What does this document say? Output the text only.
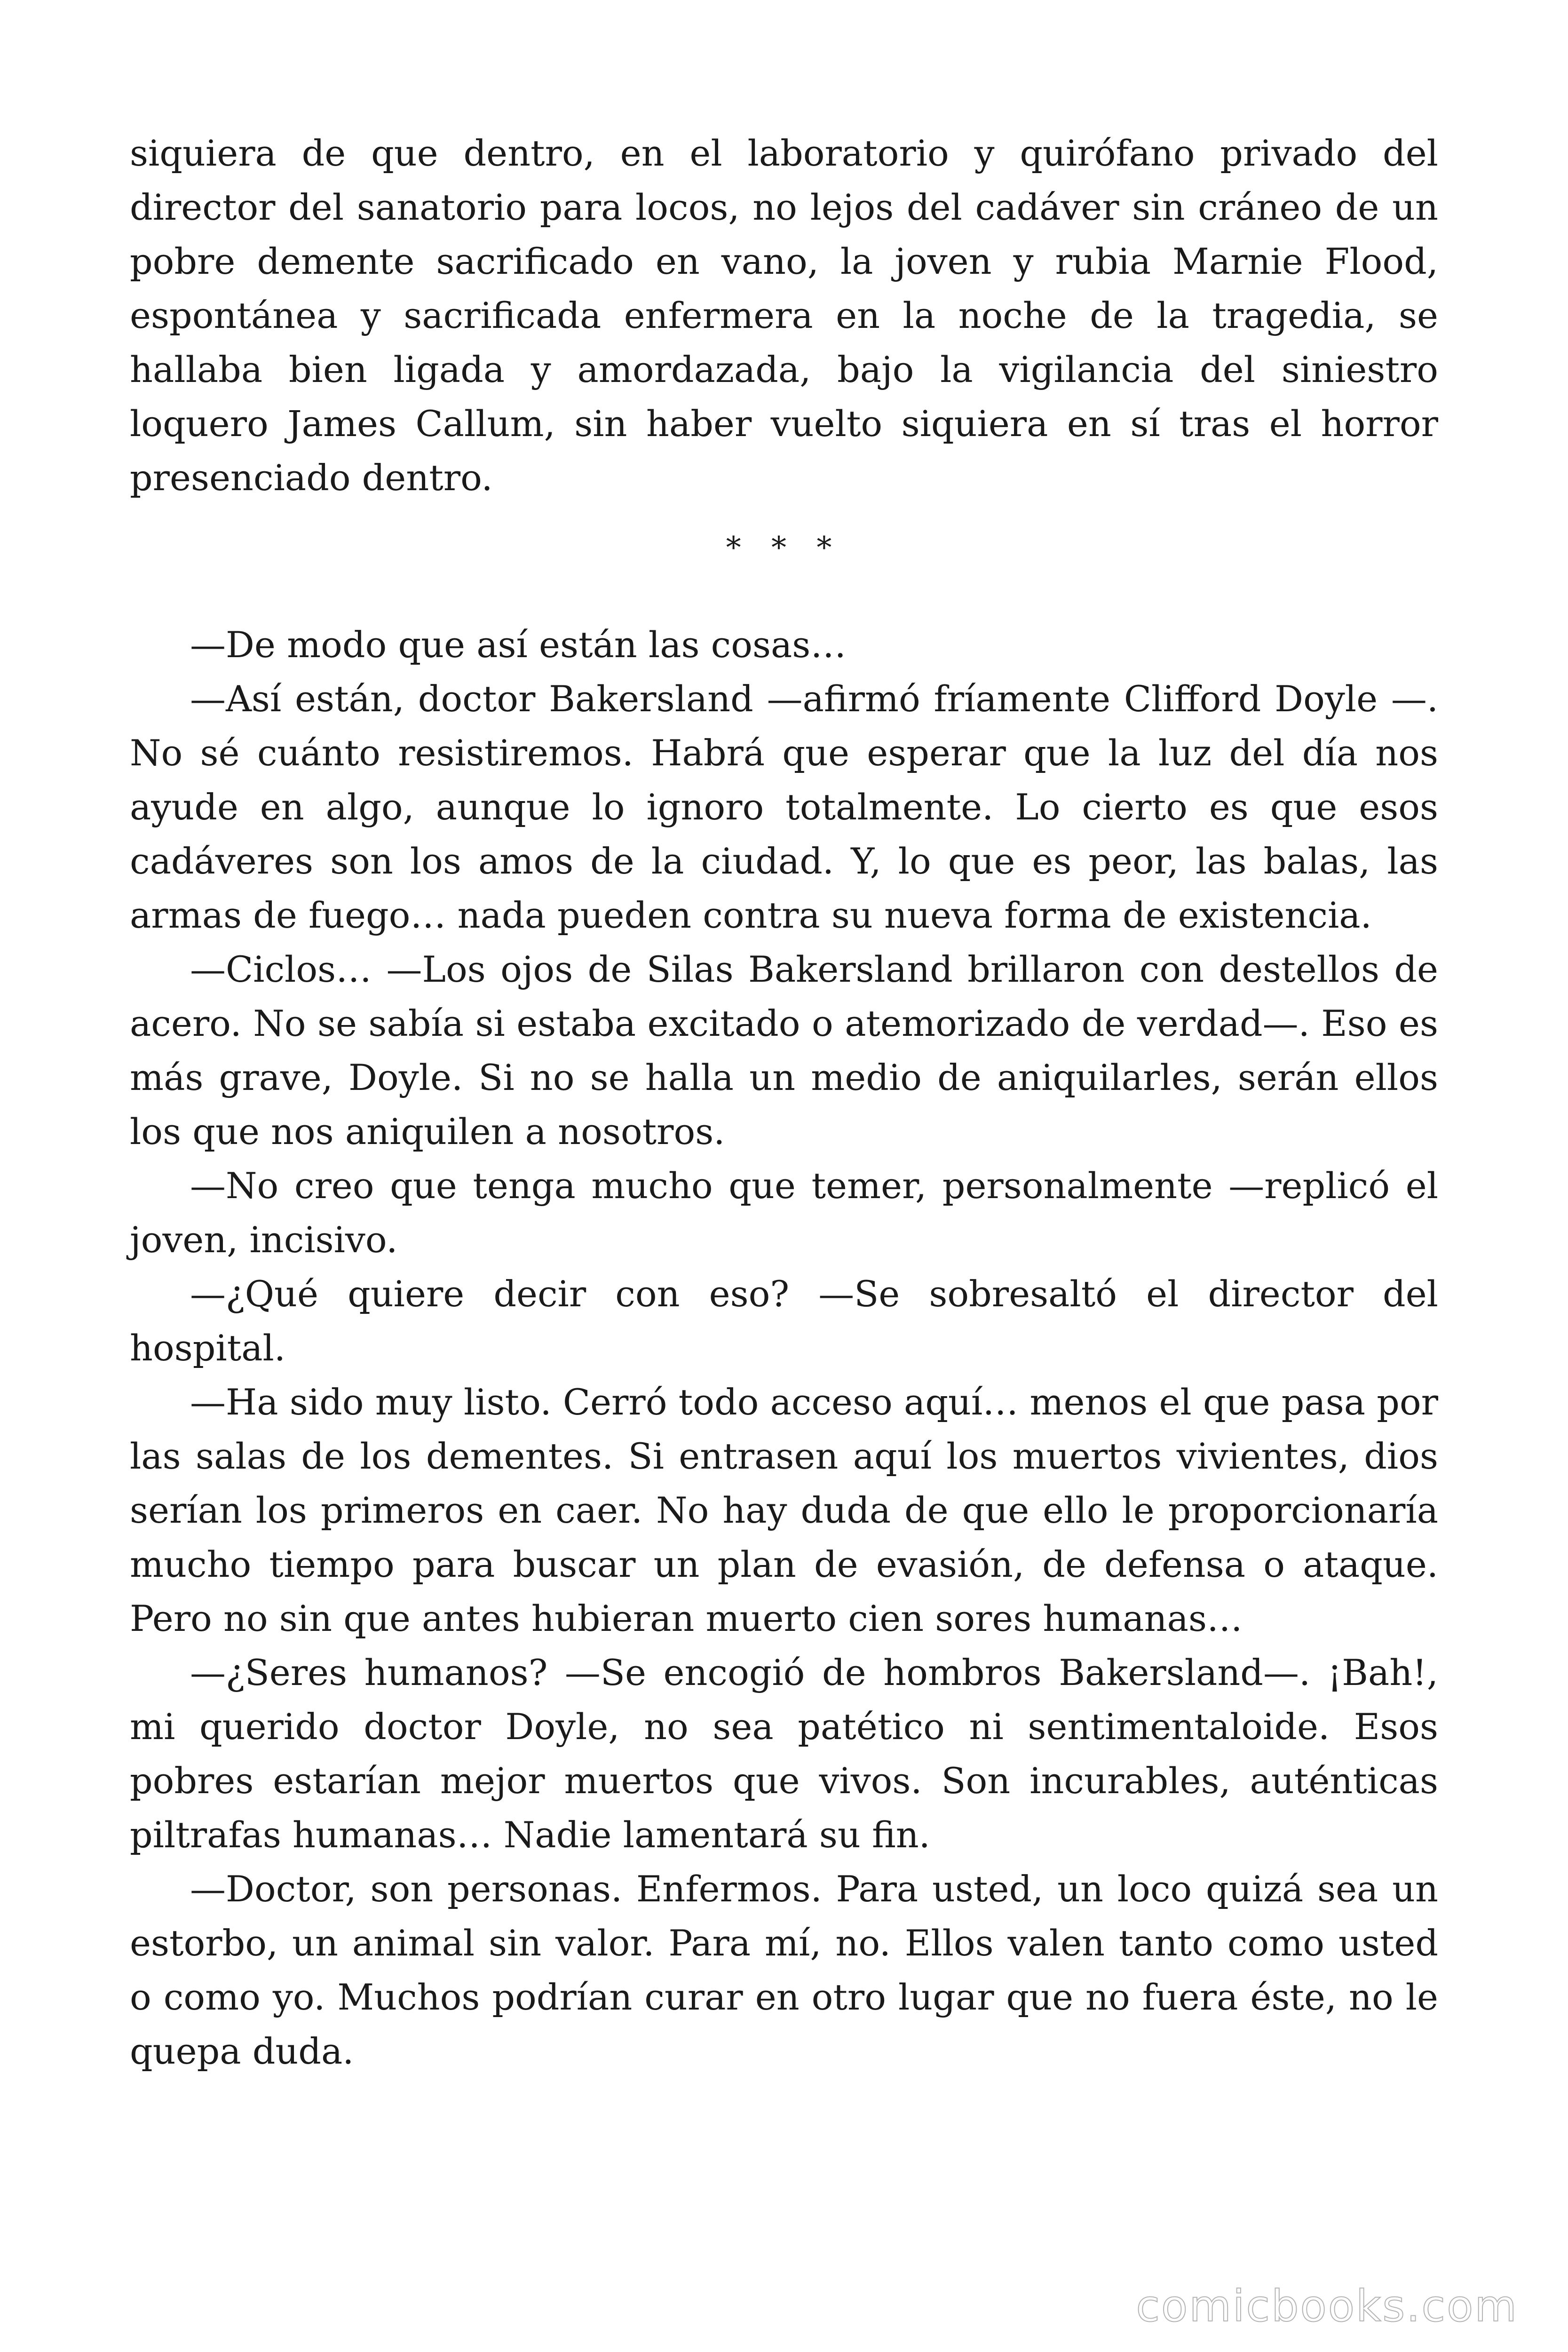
siquiera de que dentro, en el laboratorio y quirófano privado del director del sanatorio para locos, no lejos del cadáver sin cráneo de un pobre demente sacrificado en vano, la joven y rubia Marnie Flood, espontánea y sacrificada enfermera en la noche de la tragedia, se hallaba bien ligada y amordazada, bajo la vigilancia del siniestro loquero James Callum, sin haber vuelto siquiera en sí tras el horror presenciado dentro.

* * *

—De modo que así están las cosas…

—Así están, doctor Bakersland —afirmó fríamente Clifford Doyle —. No sé cuánto resistiremos. Habrá que esperar que la luz del día nos ayude en algo, aunque lo ignoro totalmente. Lo cierto es que esos cadáveres son los amos de la ciudad. Y, lo que es peor, las balas, las armas de fuego… nada pueden contra su nueva forma de existencia.

—Ciclos… —Los ojos de Silas Bakersland brillaron con destellos de acero. No se sabía si estaba excitado o atemorizado de verdad—. Eso es más grave, Doyle. Si no se halla un medio de aniquilarles, serán ellos los que nos aniquilen a nosotros.

—No creo que tenga mucho que temer, personalmente —replicó el joven, incisivo.

—¿Qué quiere decir con eso? —Se sobresaltó el director del hospital.

—Ha sido muy listo. Cerró todo acceso aquí… menos el que pasa por las salas de los dementes. Si entrasen aquí los muertos vivientes, dios serían los primeros en caer. No hay duda de que ello le proporcionaría mucho tiempo para buscar un plan de evasión, de defensa o ataque. Pero no sin que antes hubieran muerto cien sores humanas…

—¿Seres humanos? —Se encogió de hombros Bakersland—. ¡Bah!, mi querido doctor Doyle, no sea patético ni sentimentaloide. Esos pobres estarían mejor muertos que vivos. Son incurables, auténticas piltrafas humanas… Nadie lamentará su fin.

—Doctor, son personas. Enfermos. Para usted, un loco quizá sea un estorbo, un animal sin valor. Para mí, no. Ellos valen tanto como usted o como yo. Muchos podrían curar en otro lugar que no fuera éste, no le quepa duda.

comicbooks.com
